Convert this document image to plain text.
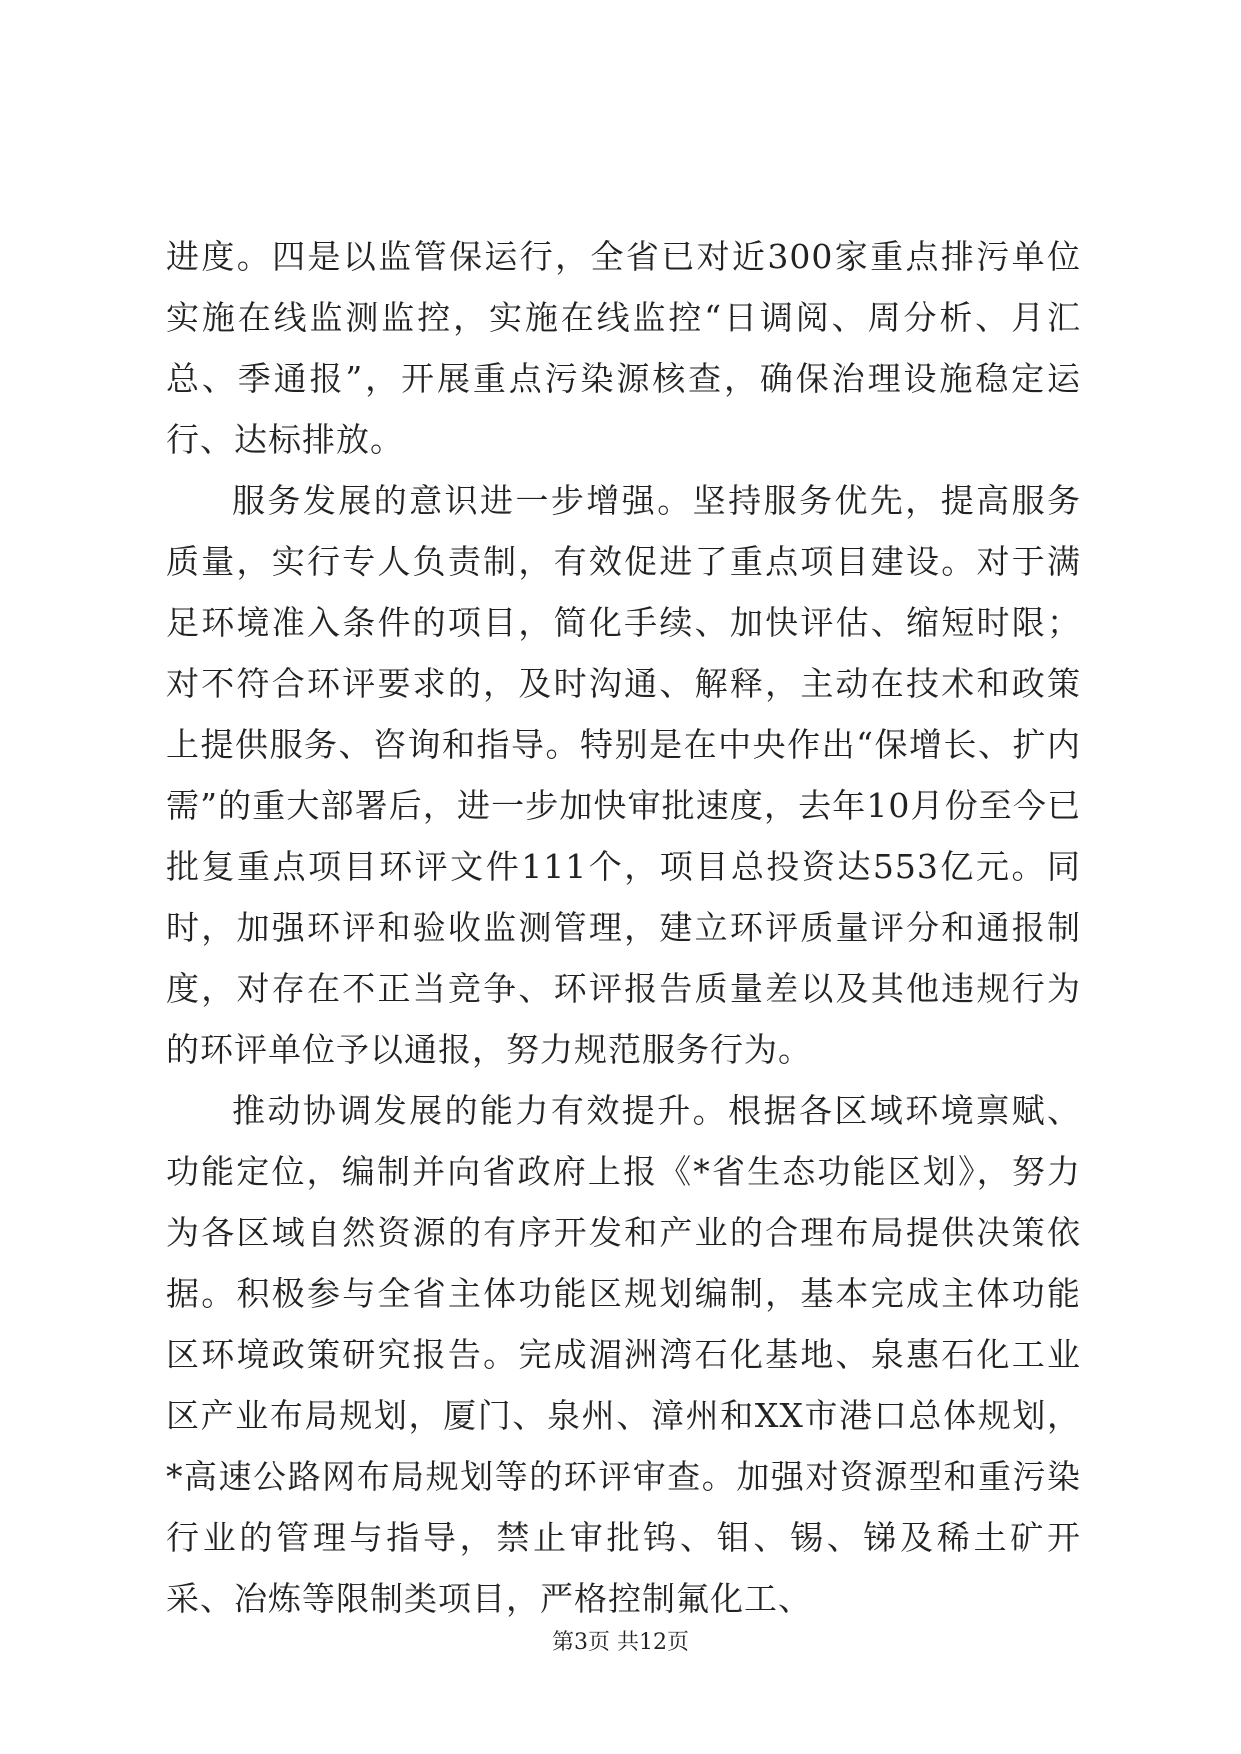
进度。四是以监管保运行，全省已对近300家重点排污单位实施在线监测监控，实施在线监控“日调阅、周分析、月汇总、季通报”，开展重点污染源核查，确保治理设施稳定运行、达标排放。

服务发展的意识进一步增强。坚持服务优先，提高服务质量，实行专人负责制，有效促进了重点项目建设。对于满足环境准入条件的项目，简化手续、加快评估、缩短时限；对不符合环评要求的，及时沟通、解释，主动在技术和政策上提供服务、咨询和指导。特别是在中央作出“保增长、扩内需”的重大部署后，进一步加快审批速度，去年10月份至今已批复重点项目环评文件111个，项目总投资达553亿元。同时，加强环评和验收监测管理，建立环评质量评分和通报制度，对存在不正当竞争、环评报告质量差以及其他违规行为的环评单位予以通报，努力规范服务行为。

推动协调发展的能力有效提升。根据各区域环境禀赋、功能定位，编制并向省政府上报《*省生态功能区划》，努力为各区域自然资源的有序开发和产业的合理布局提供决策依据。积极参与全省主体功能区规划编制，基本完成主体功能区环境政策研究报告。完成湄洲湾石化基地、泉惠石化工业区产业布局规划，厦门、泉州、漳州和XX市港口总体规划，*高速公路网布局规划等的环评审查。加强对资源型和重污染行业的管理与指导，禁止审批钨、钼、锡、锑及稀土矿开采、冶炼等限制类项目，严格控制氟化工、

第3页 共12页
